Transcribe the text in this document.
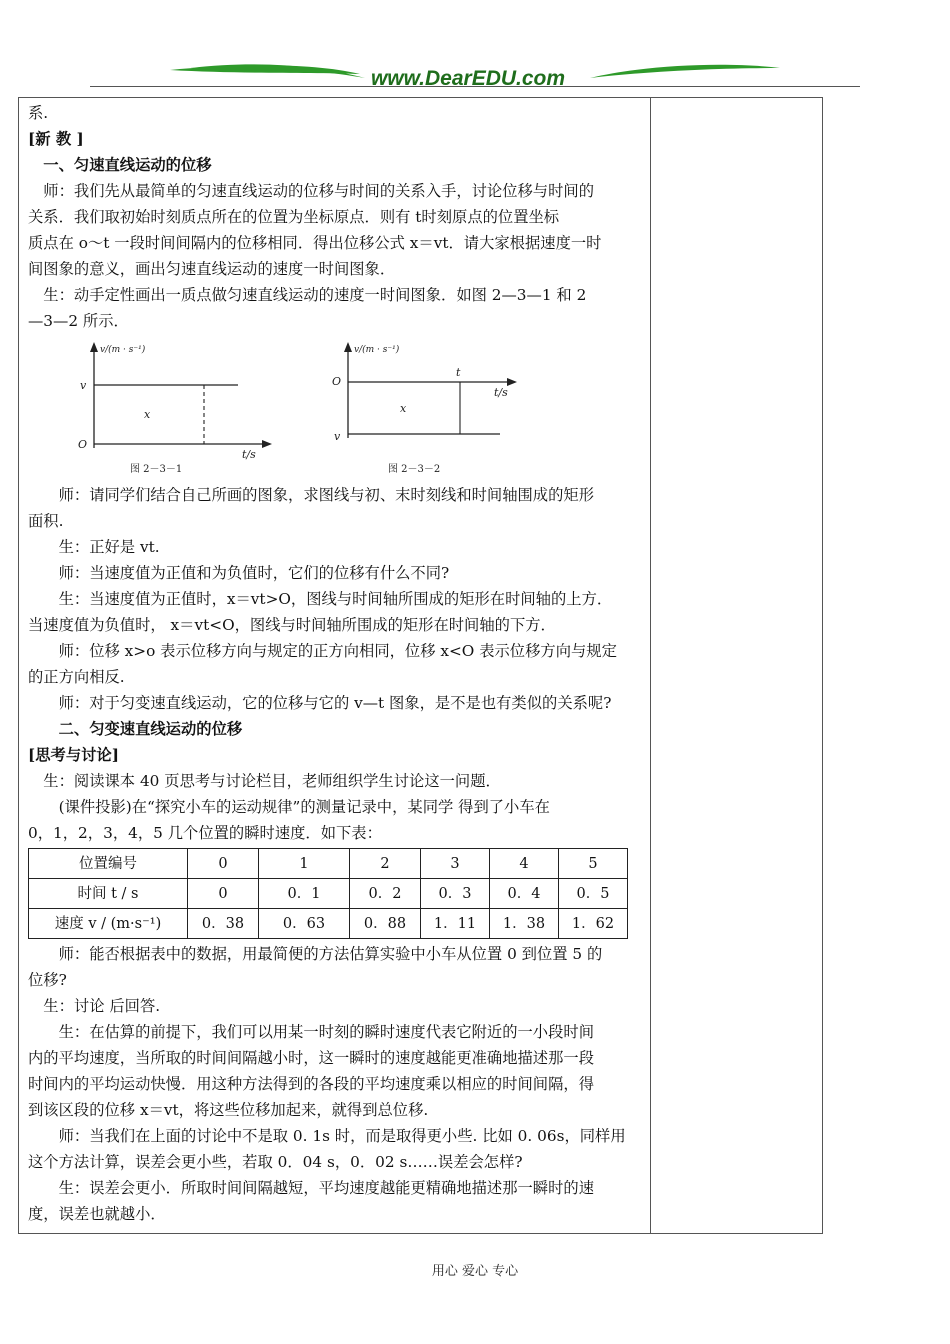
www.DearEDU.com

系.

[新 教 ]

一、匀速直线运动的位移

师：我们先从最简单的匀速直线运动的位移与时间的关系入手，讨论位移与时间的

关系．我们取初始时刻质点所在的位置为坐标原点．则有 t时刻原点的位置坐标

质点在 o～t 一段时间间隔内的位移相同．得出位移公式 x＝vt．请大家根据速度一时

间图象的意义，画出匀速直线运动的速度一时间图象．

生：动手定性画出一质点做匀速直线运动的速度一时间图象．如图 2—3—1 和 2

—3—2 所示．

v/(m · s⁻¹)
v
x
O
t/s
图 2－3－1
v/(m · s⁻¹)
O
t
t/s
x
v
图 2－3－2

师：请同学们结合自己所画的图象，求图线与初、末时刻线和时间轴围成的矩形

面积.

生：正好是 vt.

师：当速度值为正值和为负值时，它们的位移有什么不同?

生：当速度值为正值时，x＝vt>O，图线与时间轴所围成的矩形在时间轴的上方．

当速度值为负值时， x＝vt<O，图线与时间轴所围成的矩形在时间轴的下方．

师：位移 x>o 表示位移方向与规定的正方向相同，位移 x<O 表示位移方向与规定

的正方向相反.

师：对于匀变速直线运动，它的位移与它的 v—t 图象，是不是也有类似的关系呢?

二、匀变速直线运动的位移

[思考与讨论]

生：阅读课本 40 页思考与讨论栏目，老师组织学生讨论这一问题．

(课件投影)在“探究小车的运动规律”的测量记录中，某同学 得到了小车在

0，1，2，3，4，5 几个位置的瞬时速度．如下表：

位置编号	0	1	2	3	4	5
时间 t / s	0	0．1	0．2	0．3	0．4	0．5
速度 v / (m·s⁻¹)	0．38	0．63	0．88	1．11	1．38	1．62

师：能否根据表中的数据，用最简便的方法估算实验中小车从位置 0 到位置 5 的

位移?

生：讨论 后回答.

生：在估算的前提下，我们可以用某一时刻的瞬时速度代表它附近的一小段时间

内的平均速度，当所取的时间间隔越小时，这一瞬时的速度越能更准确地描述那一段

时间内的平均运动快慢．用这种方法得到的各段的平均速度乘以相应的时间间隔，得

到该区段的位移 x＝vt，将这些位移加起来，就得到总位移.

师：当我们在上面的讨论中不是取 0. 1s 时，而是取得更小些. 比如 0. 06s，同样用

这个方法计算，误差会更小些，若取 0．04 s，0．02 s……误差会怎样?

生：误差会更小．所取时间间隔越短，平均速度越能更精确地描述那一瞬时的速

度，误差也就越小．

用心 爱心 专心
